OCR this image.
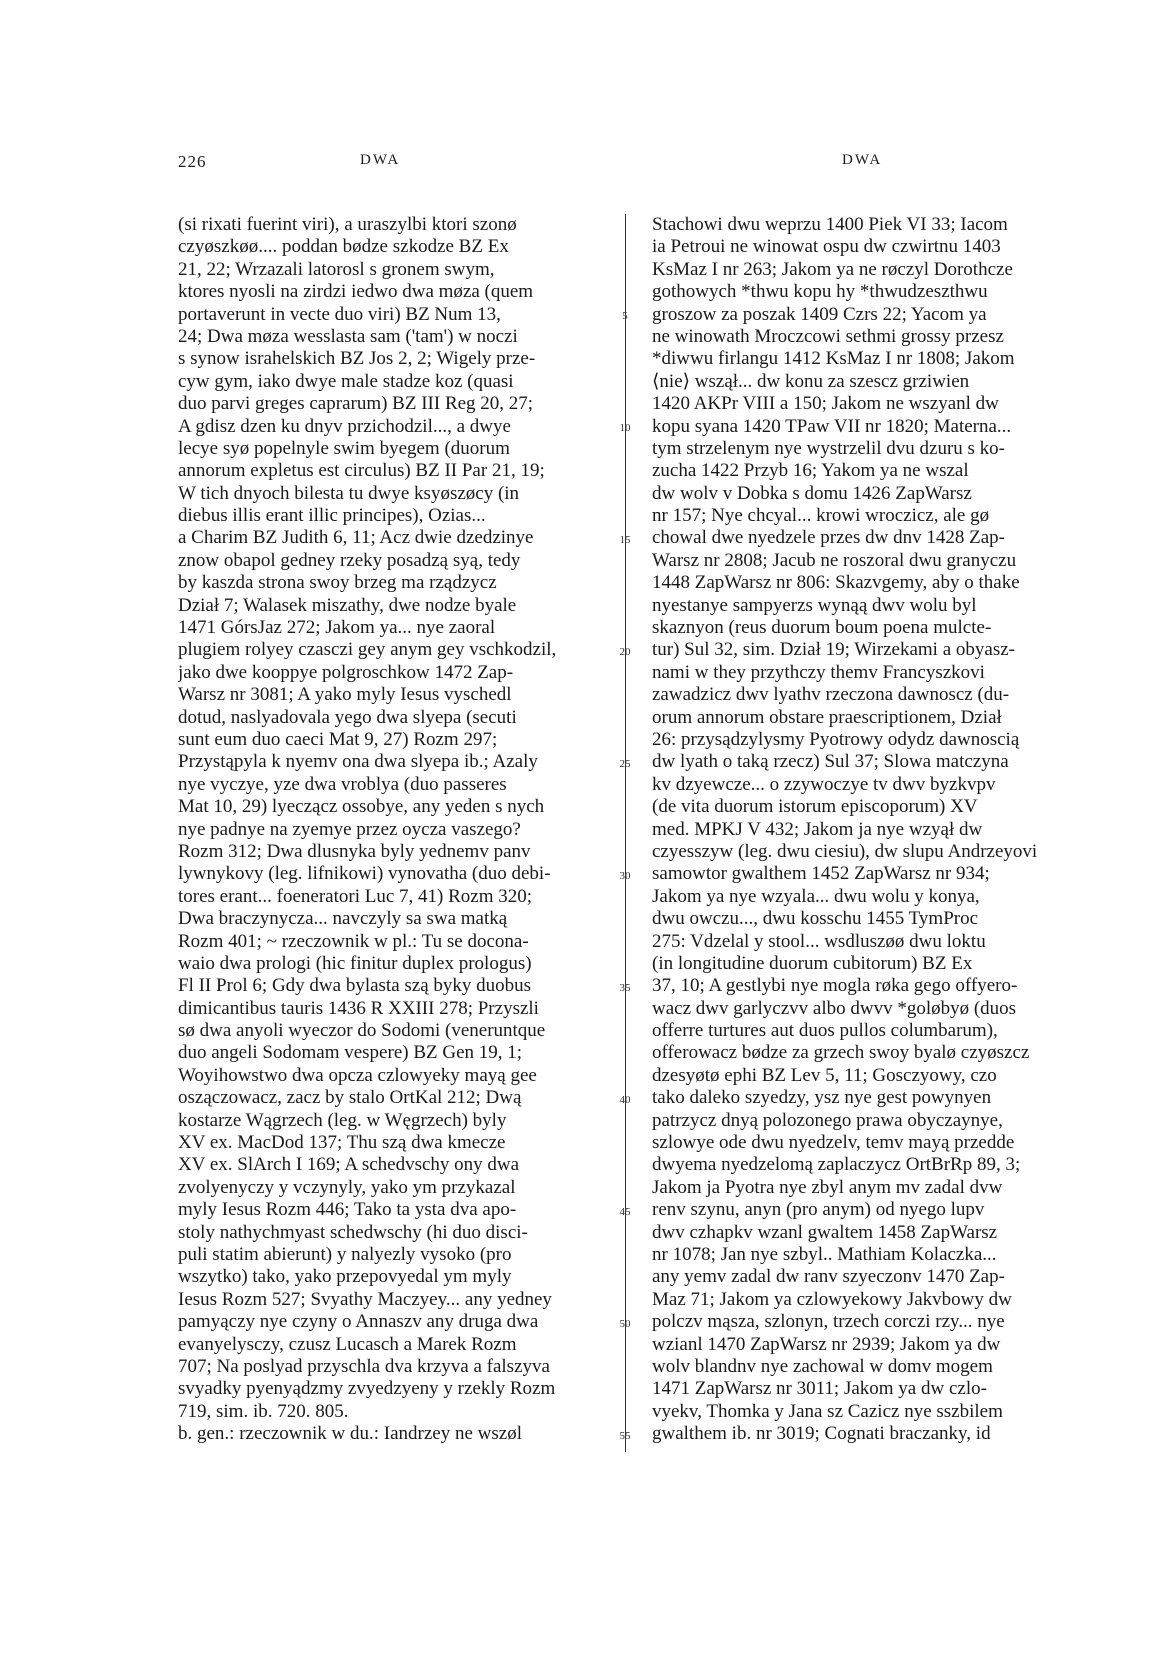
226	DWA	DWA
(si rixati fuerint viri), a uraszylbi ktori szonø
czyøszkøø.... poddan bødze szkodze BZ Ex
21, 22; Wrzazali latorosl s gronem swym,
ktores nyosli na zirdzi iedwo dwa møza (quem
portaverunt in vecte duo viri) BZ Num 13,
24; Dwa møza wesslasta sam ('tam') w noczi
s synow israhelskich BZ Jos 2, 2; Wigely prze-
cyw gym, iako dwye male stadze koz (quasi
duo parvi greges caprarum) BZ III Reg 20, 27;
A gdisz dzen ku dnyv przichodzil..., a dwye
lecye syø popelnyle swim byegem (duorum
annorum expletus est circulus) BZ II Par 21, 19;
W tich dnyoch bilesta tu dwye ksyøszøcy (in
diebus illis erant illic principes), Ozias...
a Charim BZ Judith 6, 11; Acz dwie dzedzinye
znow obapol gedney rzeky posadzą syą, tedy
by kaszda strona swoy brzeg ma rządzycz
Dział 7; Walasek miszathy, dwe nodze byale
1471 GórsJaz 272; Jakom ya... nye zaoral
plugiem rolyey czasczi gey anym gey vschkodzil,
jako dwe kooppye polgroschkow 1472 Zap-
Warsz nr 3081; A yako myly Iesus vyschedl
dotud, naslyadovala yego dwa slyepa (secuti
sunt eum duo caeci Mat 9, 27) Rozm 297;
Przystąpyla k nyemv ona dwa slyepa ib.; Azaly
nye vyczye, yze dwa vroblya (duo passeres
Mat 10, 29) lyeczącz ossobye, any yeden s nych
nye padnye na zyemye przez oycza vaszego?
Rozm 312; Dwa dlusnyka byly yednemv panv
lywnykovy (leg. lifnikowi) vynovatha (duo debi-
tores erant... foeneratori Luc 7, 41) Rozm 320;
Dwa braczynycza... navczyly sa swa matką
Rozm 401; ~ rzeczownik w pl.: Tu se docona-
waio dwa prologi (hic finitur duplex prologus)
Fl II Prol 6; Gdy dwa bylasta szą byky duobus
dimicantibus tauris 1436 R XXIII 278; Przyszli
sø dwa anyoli wyeczor do Sodomi (veneruntque
duo angeli Sodomam vespere) BZ Gen 19, 1;
Woyihowstwo dwa opcza czlowyeky mayą gee
oszączowacz, zacz by stalo OrtKal 212; Dwą
kostarze Wągrzech (leg. w Węgrzech) byly
XV ex. MacDod 137; Thu szą dwa kmecze
XV ex. SlArch I 169; A schedvschy ony dwa
zvolyenyczy y vczynyly, yako ym przykazal
myly Iesus Rozm 446; Tako ta ysta dva apo-
stoly nathychmyast schedwschy (hi duo disci-
puli statim abierunt) y nalyezly vysoko (pro
wszytko) tako, yako przepovyedal ym myly
Iesus Rozm 527; Svyathy Maczyey... any yedney
pamyączy nye czyny o Annaszv any druga dwa
evanyelysczy, czusz Lucasch a Marek Rozm
707; Na poslyad przyschla dva krzyva a falszyva
svyadky pyenyądzmy zvyedzyeny y rzekly Rozm
719, sim. ib. 720. 805.
b. gen.: rzeczownik w du.: Iandrzey ne wszøl
5
10
15
20
25
30
35
40
45
50
55
Stachowi dwu weprzu 1400 Piek VI 33; Iacom
ia Petroui ne winowat ospu dw czwirtnu 1403
KsMaz I nr 263; Jakom ya ne røczyl Dorothcze
gothowych *thwu kopu hy *thwudzeszthwu
groszow za poszak 1409 Czrs 22; Yacom ya
ne winowath Mroczcowi sethmi grossy przesz
*diwwu firlangu 1412 KsMaz I nr 1808; Jakom
⟨nie⟩ wszął... dw konu za szescz grziwien
1420 AKPr VIII a 150; Jakom ne wszyanl dw
kopu syana 1420 TPaw VII nr 1820; Materna...
tym strzelenym nye wystrzelil dvu dzuru s ko-
zucha 1422 Przyb 16; Yakom ya ne wszal
dw wolv v Dobka s domu 1426 ZapWarsz
nr 157; Nye chcyal... krowi wroczicz, ale gø
chowal dwe nyedzele przes dw dnv 1428 Zap-
Warsz nr 2808; Jacub ne roszoral dwu granyczu
1448 ZapWarsz nr 806: Skazvgemy, aby o thake
nyestanye sampyerzs wynąą dwv wolu byl
skaznyon (reus duorum boum poena mulcte-
tur) Sul 32, sim. Dział 19; Wirzekami a obyasz-
nami w they przythczy themv Francyszkovi
zawadzicz dwv lyathv rzeczona dawnoscz (du-
orum annorum obstare praescriptionem, Dział
26: przysądzylysmy Pyotrowy odydz dawnoscią
dw lyath o taką rzecz) Sul 37; Slowa matczyna
kv dzyewcze... o zzywoczye tv dwv byzkvpv
(de vita duorum istorum episcoporum) XV
med. MPKJ V 432; Jakom ja nye wzyął dw
czyesszyw (leg. dwu ciesiu), dw slupu Andrzeyovi
samowtor gwalthem 1452 ZapWarsz nr 934;
Jakom ya nye wzyala... dwu wolu y konya,
dwu owczu..., dwu kosschu 1455 TymProc
275: Vdzelal y stool... wsdluszøø dwu loktu
(in longitudine duorum cubitorum) BZ Ex
37, 10; A gestlybi nye mogla røka gego offyero-
wacz dwv garlyczvv albo dwvv *goløbyø (duos
offerre turtures aut duos pullos columbarum),
offerowacz bødze za grzech swoy byalø czyøszcz
dzesyøtø ephi BZ Lev 5, 11; Gosczyowy, czo
tako daleko szyedzy, ysz nye gest powynyen
patrzycz dnyą polozonego prawa obyczaynye,
szlowye ode dwu nyedzelv, temv mayą przedde
dwyema nyedzelomą zaplaczycz OrtBrRp 89, 3;
Jakom ja Pyotra nye zbyl anym mv zadal dvw
renv szynu, anyn (pro anym) od nyego lupv
dwv czhapkv wzanl gwaltem 1458 ZapWarsz
nr 1078; Jan nye szbyl.. Mathiam Kolaczka...
any yemv zadal dw ranv szyeczonv 1470 Zap-
Maz 71; Jakom ya czlowyekowy Jakvbowy dw
polczv mąsza, szlonyn, trzech corczi rzy... nye
wzianl 1470 ZapWarsz nr 2939; Jakom ya dw
wolv blandnv nye zachowal w domv mogem
1471 ZapWarsz nr 3011; Jakom ya dw czlo-
vyekv, Thomka y Jana sz Cazicz nye sszbilem
gwalthem ib. nr 3019; Cognati braczanky, id
